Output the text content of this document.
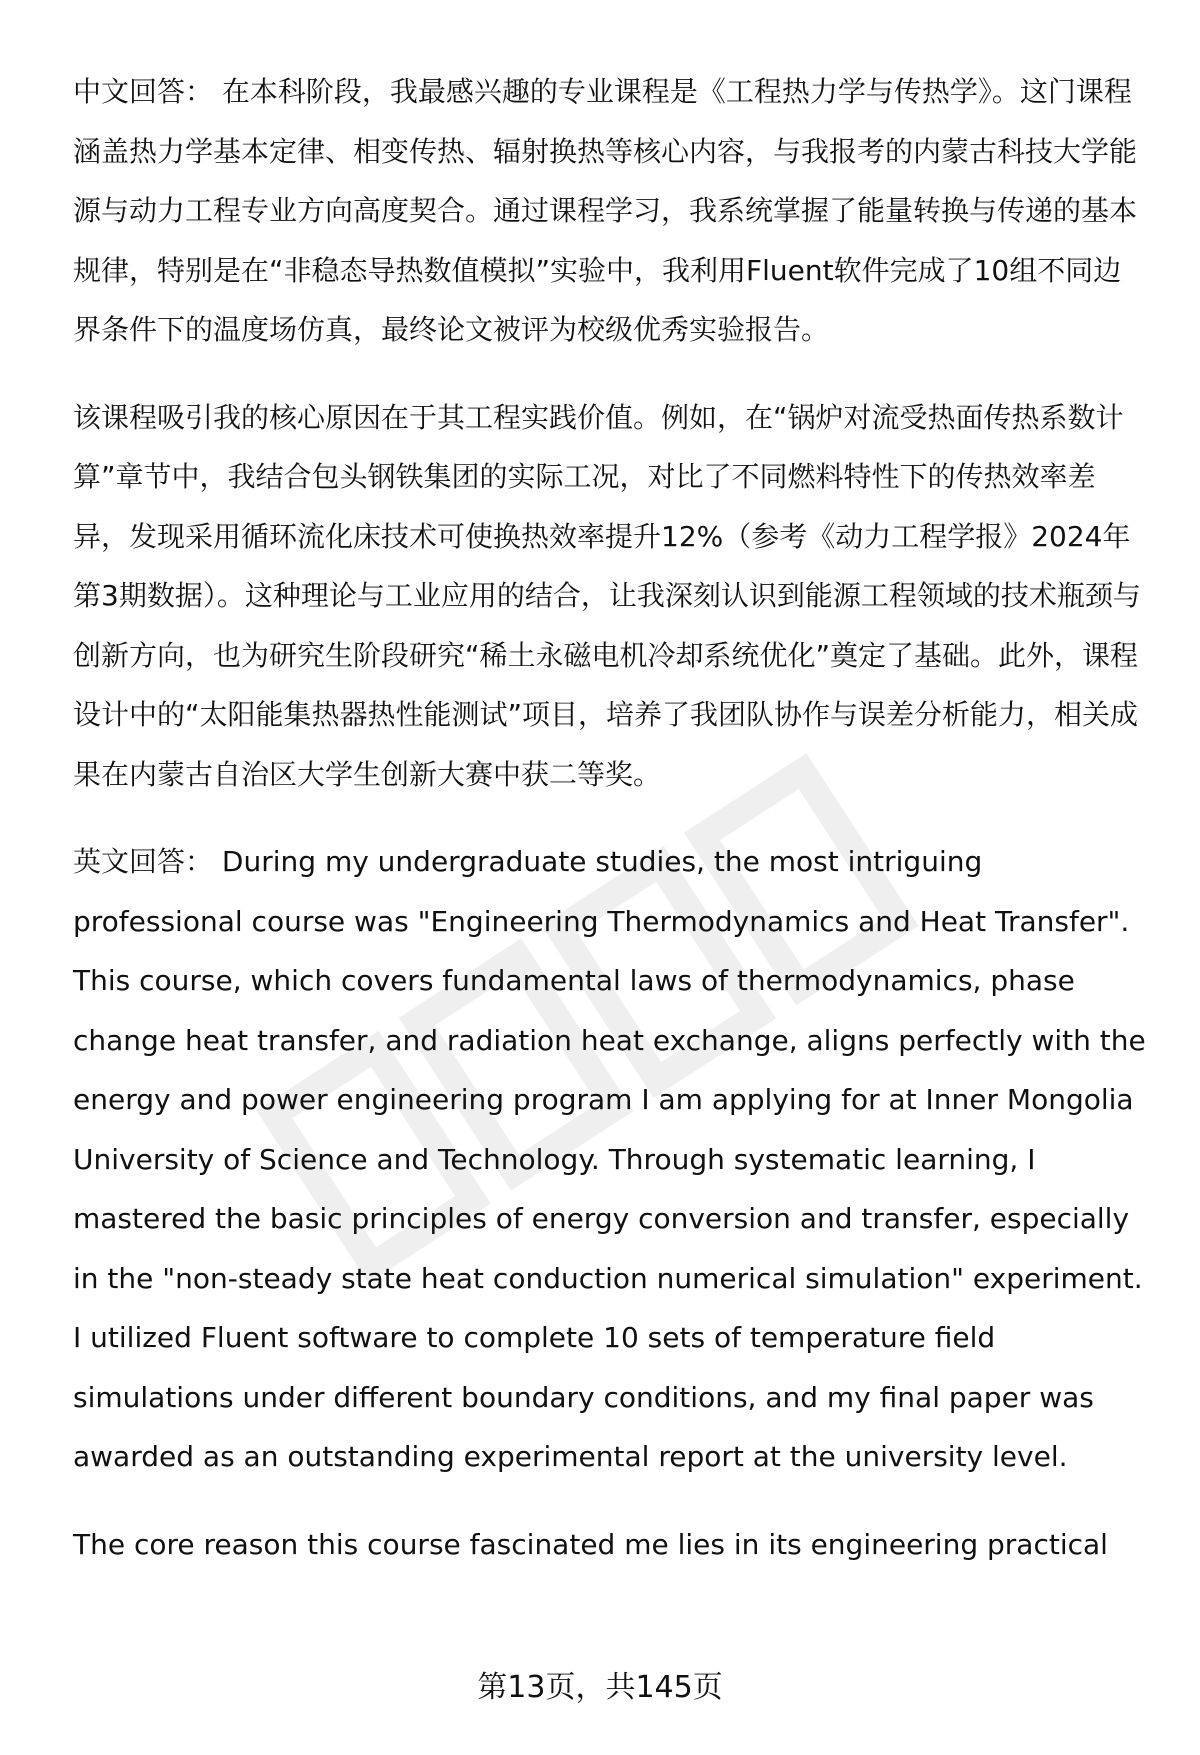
中文回答： 在本科阶段，我最感兴趣的专业课程是《工程热力学与传热学》。这门课程涵盖热力学基本定律、相变传热、辐射换热等核心内容，与我报考的内蒙古科技大学能源与动力工程专业方向高度契合。通过课程学习，我系统掌握了能量转换与传递的基本规律，特别是在“非稳态导热数值模拟”实验中，我利用Fluent软件完成了10组不同边界条件下的温度场仿真，最终论文被评为校级优秀实验报告。

该课程吸引我的核心原因在于其工程实践价值。例如，在“锅炉对流受热面传热系数计算”章节中，我结合包头钢铁集团的实际工况，对比了不同燃料特性下的传热效率差异，发现采用循环流化床技术可使换热效率提升12%（参考《动力工程学报》2024年第3期数据）。这种理论与工业应用的结合，让我深刻认识到能源工程领域的技术瓶颈与创新方向，也为研究生阶段研究“稀土永磁电机冷却系统优化”奠定了基础。此外，课程设计中的“太阳能集热器热性能测试”项目，培养了我团队协作与误差分析能力，相关成果在内蒙古自治区大学生创新大赛中获二等奖。

英文回答： During my undergraduate studies, the most intriguing professional course was "Engineering Thermodynamics and Heat Transfer". This course, which covers fundamental laws of thermodynamics, phase change heat transfer, and radiation heat exchange, aligns perfectly with the energy and power engineering program I am applying for at Inner Mongolia University of Science and Technology. Through systematic learning, I mastered the basic principles of energy conversion and transfer, especially in the "non-steady state heat conduction numerical simulation" experiment. I utilized Fluent software to complete 10 sets of temperature field simulations under different boundary conditions, and my final paper was awarded as an outstanding experimental report at the university level.

The core reason this course fascinated me lies in its engineering practical

第13页，共145页
